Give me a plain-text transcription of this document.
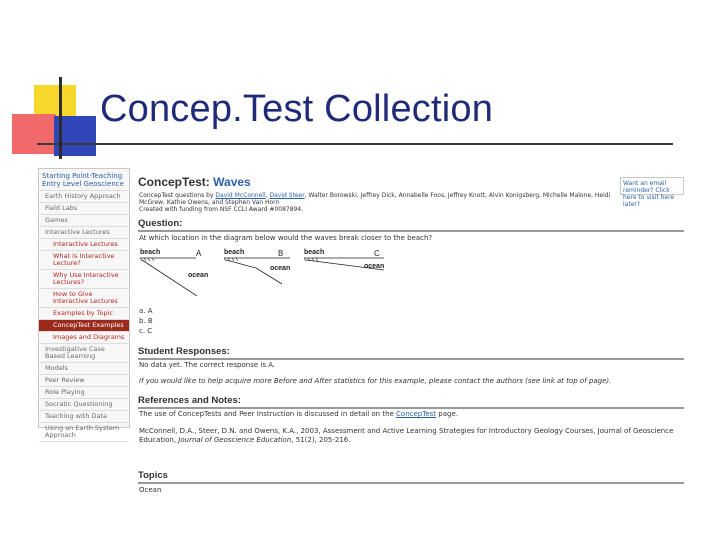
Concep.Test Collection
Starting Point-Teaching Entry Level Geoscience
Earth History Approach
Field Labs
Games
Interactive Lectures
Interactive Lectures
What is Interactive Lecture?
Why Use Interactive Lectures?
How to Give Interactive Lectures
Examples by Topic
ConcepTest Examples
Images and Diagrams
Investigative Case Based Learning
Models
Peer Review
Role Playing
Socratic Questioning
Teaching with Data
Using an Earth System Approach
ConcepTest: Waves
ConcepTest questions by David McConnell, David Steer, Walter Borowski, Jeffrey Dick, Annabelle Foos, Jeffrey Knott, Alvin Konigsberg, Michelle Malone, Heidi McGrew, Kathie Owens, and Stephen Van Horn
Created with funding from NSF CCLI Award #0087894.
Want an email reminder? Click here to visit here later?
Question:
At which location in the diagram below would the waves break closer to the beach?
beach
ocean
A	beach
ocean
B	beach
ocean
C
a. A
b. B
c. C
Student Responses:
No data yet. The correct response is A.
If you would like to help acquire more Before and After statistics for this example, please contact the authors (see link at top of page).
References and Notes:
The use of ConcepTests and Peer Instruction is discussed in detail on the ConcepTest page.
McConnell, D.A., Steer, D.N. and Owens, K.A., 2003, Assessment and Active Learning Strategies for Introductory Geology Courses, Journal of Geoscience Education, Journal of Geoscience Education, 51(2), 205-216.
Topics
Ocean
